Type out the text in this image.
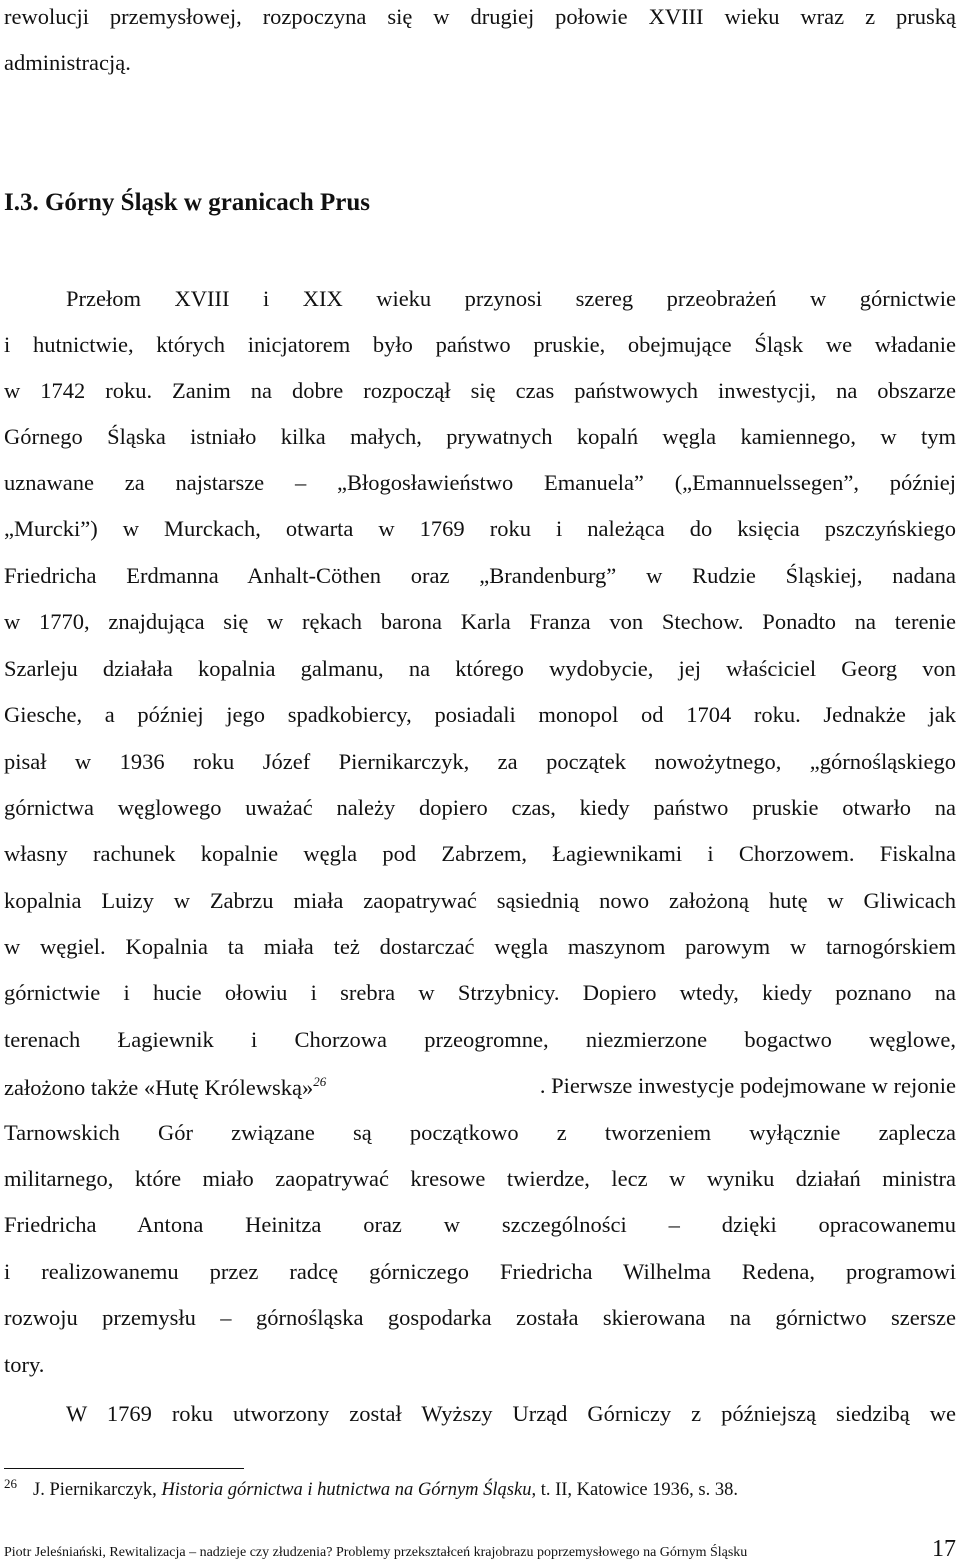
rewolucji przemysłowej, rozpoczyna się w drugiej połowie XVIII wieku wraz z pruską
administracją.
I.3. Górny Śląsk w granicach Prus
Przełom XVIII i XIX wieku przynosi szereg przeobrażeń w górnictwie
i hutnictwie, których inicjatorem było państwo pruskie, obejmujące Śląsk we władanie
w 1742 roku. Zanim na dobre rozpoczął się czas państwowych inwestycji, na obszarze
Górnego Śląska istniało kilka małych, prywatnych kopalń węgla kamiennego, w tym
uznawane za najstarsze – „Błogosławieństwo Emanuela” („Emannuelssegen”, później
„Murcki”) w Murckach, otwarta w 1769 roku i należąca do księcia pszczyńskiego
Friedricha Erdmanna Anhalt-Cöthen oraz „Brandenburg” w Rudzie Śląskiej, nadana
w 1770, znajdująca się w rękach barona Karla Franza von Stechow. Ponadto na terenie
Szarleju działała kopalnia galmanu, na którego wydobycie, jej właściciel Georg von
Giesche, a później jego spadkobiercy, posiadali monopol od 1704 roku. Jednakże jak
pisał w 1936 roku Józef Piernikarczyk, za początek nowożytnego, „górnośląskiego
górnictwa węglowego uważać należy dopiero czas, kiedy państwo pruskie otwarło na
własny rachunek kopalnie węgla pod Zabrzem, Łagiewnikami i Chorzowem. Fiskalna
kopalnia Luizy w Zabrzu miała zaopatrywać sąsiednią nowo założoną hutę w Gliwicach
w węgiel. Kopalnia ta miała też dostarczać węgla maszynom parowym w tarnogórskiem
górnictwie i hucie ołowiu i srebra w Strzybnicy. Dopiero wtedy, kiedy poznano na
terenach Łagiewnik i Chorzowa przeogromne, niezmierzone bogactwo węglowe,
założono także «Hutę Królewską»$^{26}$	. Pierwsze inwestycje podejmowane w rejonie
Tarnowskich Gór związane są początkowo z tworzeniem wyłącznie zaplecza
militarnego, które miało zaopatrywać kresowe twierdze, lecz w wyniku działań ministra
Friedricha Antona Heinitza oraz w szczególności – dzięki opracowanemu
i realizowanemu przez radcę górniczego Friedricha Wilhelma Redena, programowi
rozwoju przemysłu – górnośląska gospodarka została skierowana na górnictwo szersze
tory.
W 1769 roku utworzony został Wyższy Urząd Górniczy z późniejszą siedzibą we
$^{26}$ J. Piernikarczyk, Historia górnictwa i hutnictwa na Górnym Śląsku, t. II, Katowice 1936, s. 38.
Piotr Jeleśniański, Rewitalizacja – nadzieje czy złudzenia? Problemy przekształceń krajobrazu poprzemysłowego na Górnym Śląsku	17
